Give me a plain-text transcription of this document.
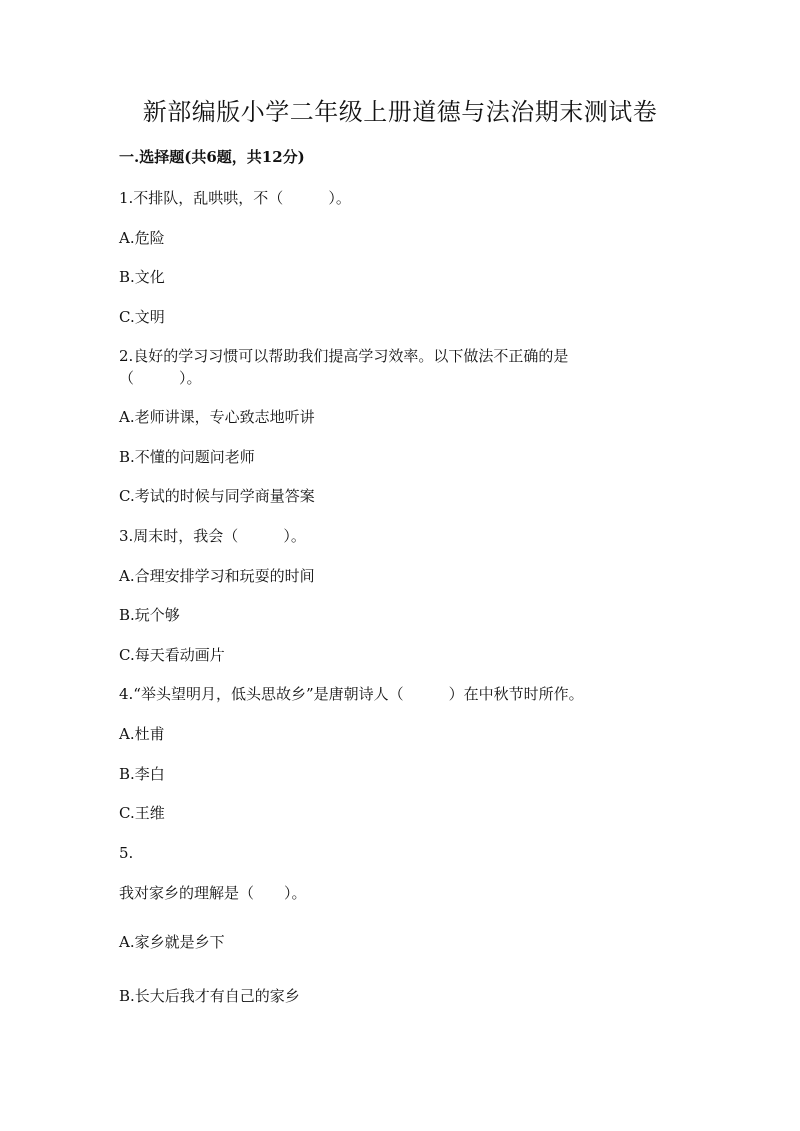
新部编版小学二年级上册道德与法治期末测试卷
一.选择题(共6题，共12分)
1.不排队，乱哄哄，不（　　　）。
A.危险
B.文化
C.文明
2.良好的学习习惯可以帮助我们提高学习效率。以下做法不正确的是
（　　　）。
A.老师讲课，专心致志地听讲
B.不懂的问题问老师
C.考试的时候与同学商量答案
3.周末时，我会（　　　）。
A.合理安排学习和玩耍的时间
B.玩个够
C.每天看动画片
4.“举头望明月，低头思故乡”是唐朝诗人（　　　）在中秋节时所作。
A.杜甫
B.李白
C.王维
5.
我对家乡的理解是（　　）。
A.家乡就是乡下
B.长大后我才有自己的家乡
